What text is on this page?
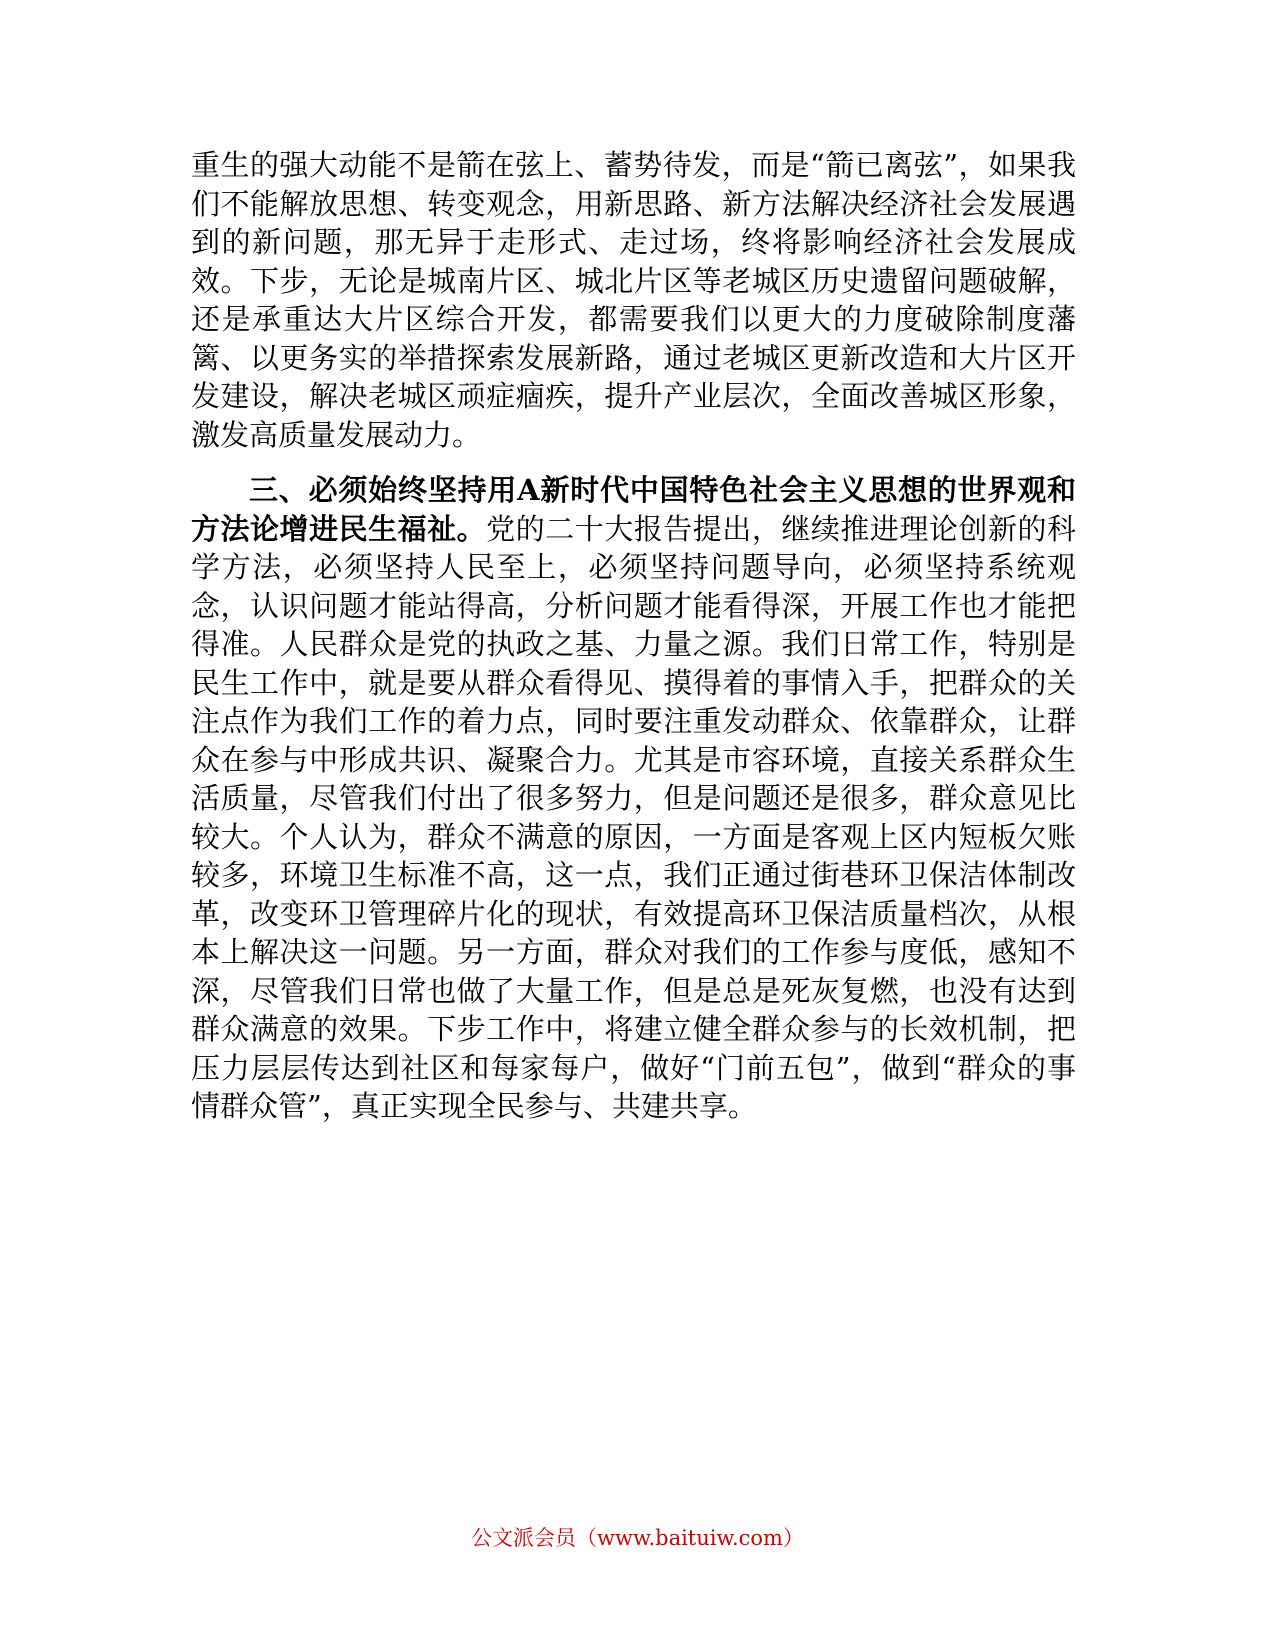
重生的强大动能不是箭在弦上、蓄势待发，而是“箭已离弦”，如果我们不能解放思想、转变观念，用新思路、新方法解决经济社会发展遇到的新问题，那无异于走形式、走过场，终将影响经济社会发展成效。下步，无论是城南片区、城北片区等老城区历史遗留问题破解，还是承重达大片区综合开发，都需要我们以更大的力度破除制度藩篱、以更务实的举措探索发展新路，通过老城区更新改造和大片区开发建设，解决老城区顽症痼疾，提升产业层次，全面改善城区形象，激发高质量发展动力。

三、必须始终坚持用A新时代中国特色社会主义思想的世界观和方法论增进民生福祉。党的二十大报告提出，继续推进理论创新的科学方法，必须坚持人民至上，必须坚持问题导向，必须坚持系统观念，认识问题才能站得高，分析问题才能看得深，开展工作也才能把得准。人民群众是党的执政之基、力量之源。我们日常工作，特别是民生工作中，就是要从群众看得见、摸得着的事情入手，把群众的关注点作为我们工作的着力点，同时要注重发动群众、依靠群众，让群众在参与中形成共识、凝聚合力。尤其是市容环境，直接关系群众生活质量，尽管我们付出了很多努力，但是问题还是很多，群众意见比较大。个人认为，群众不满意的原因，一方面是客观上区内短板欠账较多，环境卫生标准不高，这一点，我们正通过街巷环卫保洁体制改革，改变环卫管理碎片化的现状，有效提高环卫保洁质量档次，从根本上解决这一问题。另一方面，群众对我们的工作参与度低，感知不深，尽管我们日常也做了大量工作，但是总是死灰复燃，也没有达到群众满意的效果。下步工作中，将建立健全群众参与的长效机制，把压力层层传达到社区和每家每户，做好“门前五包”，做到“群众的事情群众管”，真正实现全民参与、共建共享。

公文派会员（www.baituiw.com）
